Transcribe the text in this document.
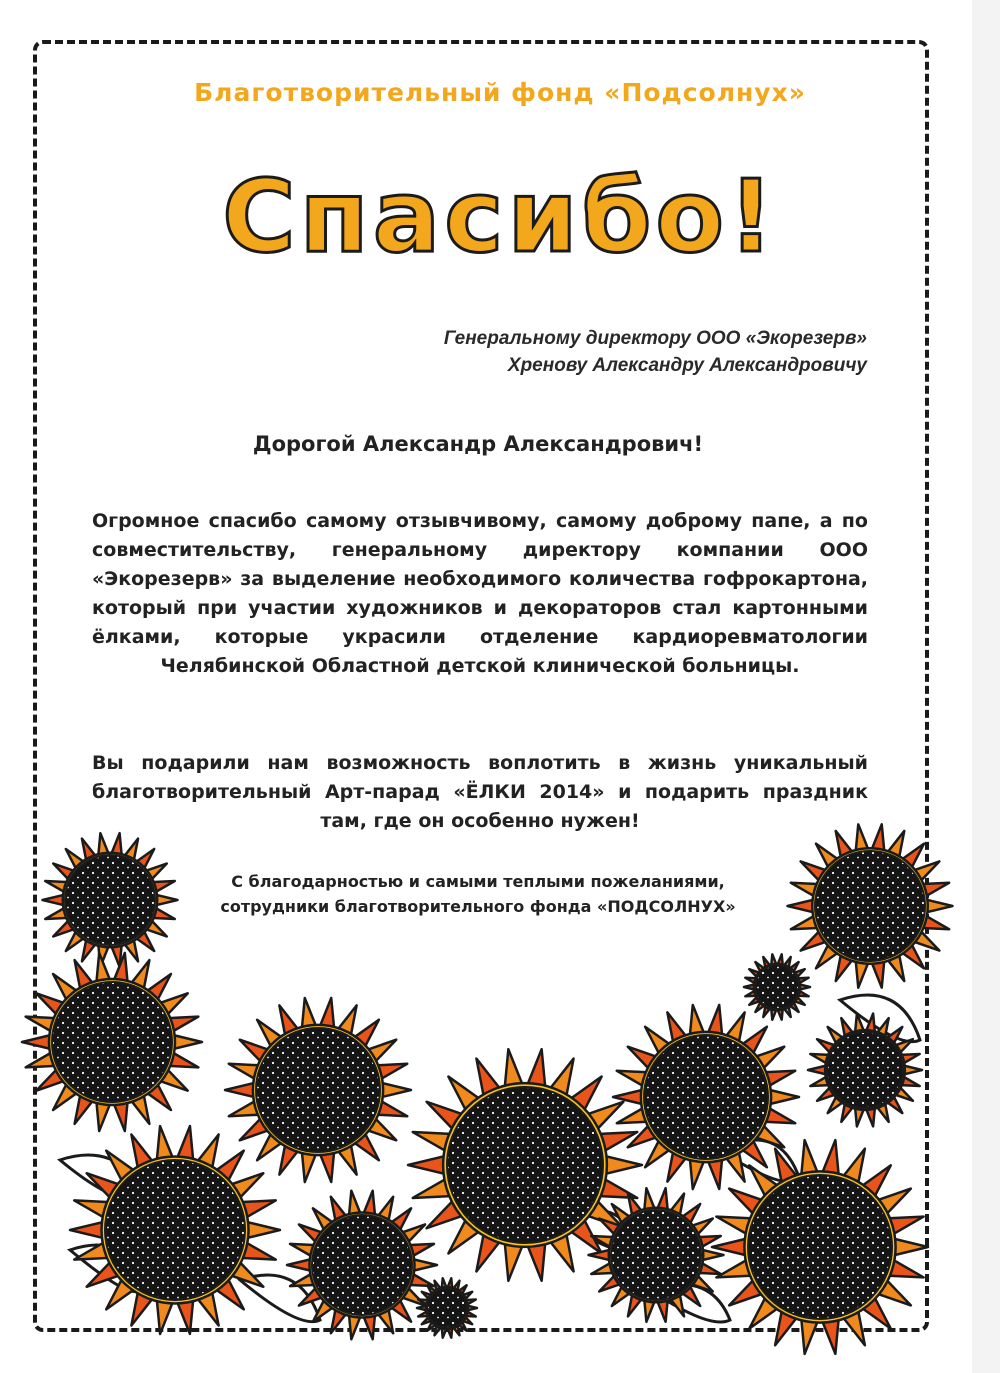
Благотворительный фонд «Подсолнух»
Спасибо!
Генеральному директору ООО «Экорезерв»
Хренову Александру Александровичу
Дорогой Александр Александрович!
Огромное спасибо самому отзывчивому, самому доброму папе, а по совместительству, генеральному директору компании ООО «Экорезерв» за выделение необходимого количества гофрокартона, который при участии художников и декораторов стал картонными ёлками, которые украсили отделение кардиоревматологии Челябинской Областной детской клинической больницы.
Вы подарили нам возможность воплотить в жизнь уникальный благотворительный Арт-парад «ЁЛКИ 2014» и подарить праздник там, где он особенно нужен!
С благодарностью и самыми теплыми пожеланиями,
сотрудники благотворительного фонда «ПОДСОЛНУХ»
